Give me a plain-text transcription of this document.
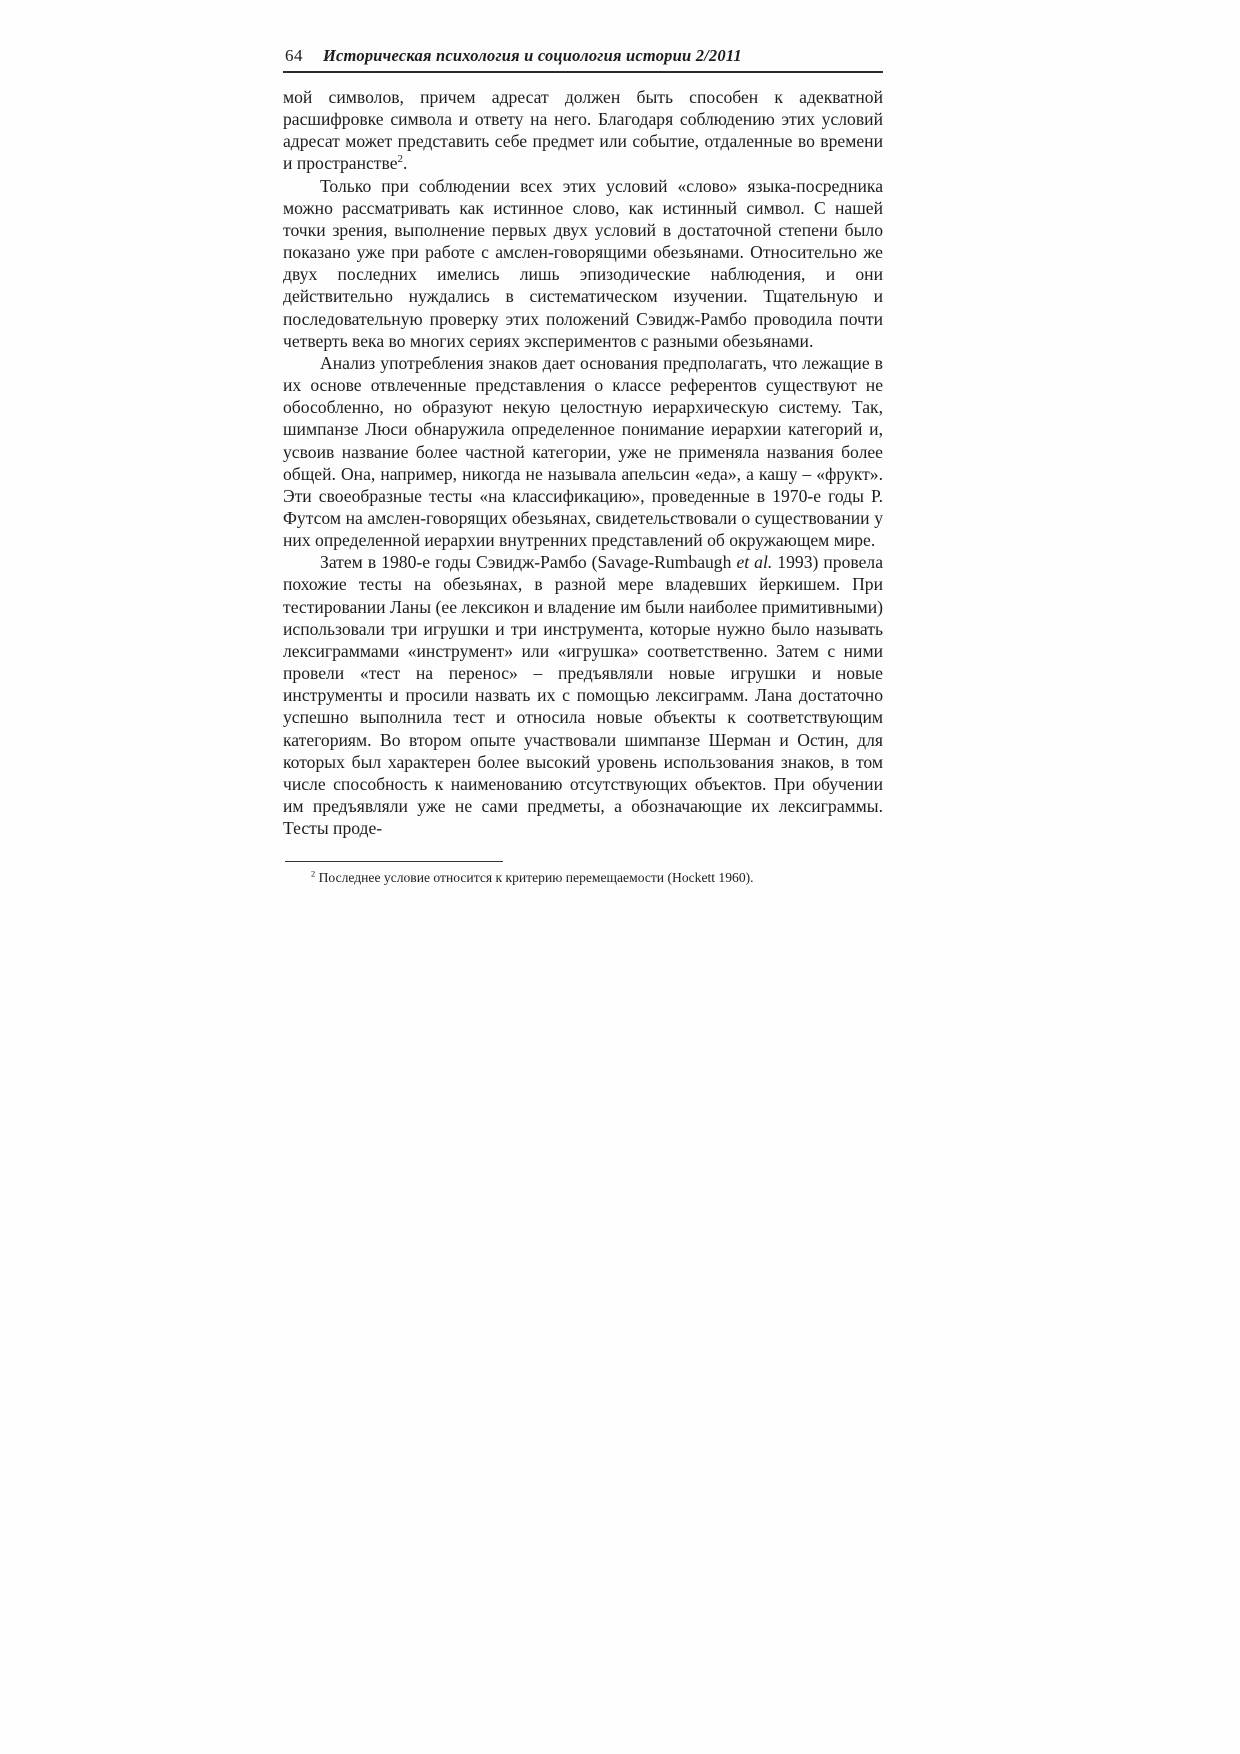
64 Историческая психология и социология истории 2/2011

мой символов, причем адресат должен быть способен к адекватной расшифровке символа и ответу на него. Благодаря соблюдению этих условий адресат может представить себе предмет или событие, отдаленные во времени и пространстве$^2$.

Только при соблюдении всех этих условий «слово» языка-посредника можно рассматривать как истинное слово, как истинный символ. С нашей точки зрения, выполнение первых двух условий в достаточной степени было показано уже при работе с амслен-говорящими обезьянами. Относительно же двух последних имелись лишь эпизодические наблюдения, и они действительно нуждались в систематическом изучении. Тщательную и последовательную проверку этих положений Сэвидж-Рамбо проводила почти четверть века во многих сериях экспериментов с разными обезьянами.

Анализ употребления знаков дает основания предполагать, что лежащие в их основе отвлеченные представления о классе референтов существуют не обособленно, но образуют некую целостную иерархическую систему. Так, шимпанзе Люси обнаружила определенное понимание иерархии категорий и, усвоив название более частной категории, уже не применяла названия более общей. Она, например, никогда не называла апельсин «еда», а кашу – «фрукт». Эти своеобразные тесты «на классификацию», проведенные в 1970-е годы Р. Футсом на амслен-говорящих обезьянах, свидетельствовали о существовании у них определенной иерархии внутренних представлений об окружающем мире.

Затем в 1980-е годы Сэвидж-Рамбо (Savage-Rumbaugh et al. 1993) провела похожие тесты на обезьянах, в разной мере владевших йеркишем. При тестировании Ланы (ее лексикон и владение им были наиболее примитивными) использовали три игрушки и три инструмента, которые нужно было называть лексиграммами «инструмент» или «игрушка» соответственно. Затем с ними провели «тест на перенос» – предъявляли новые игрушки и новые инструменты и просили назвать их с помощью лексиграмм. Лана достаточно успешно выполнила тест и относила новые объекты к соответствующим категориям. Во втором опыте участвовали шимпанзе Шерман и Остин, для которых был характерен более высокий уровень использования знаков, в том числе способность к наименованию отсутствующих объектов. При обучении им предъявляли уже не сами предметы, а обозначающие их лексиграммы. Тесты проде-

$^2$ Последнее условие относится к критерию перемещаемости (Hockett 1960).
